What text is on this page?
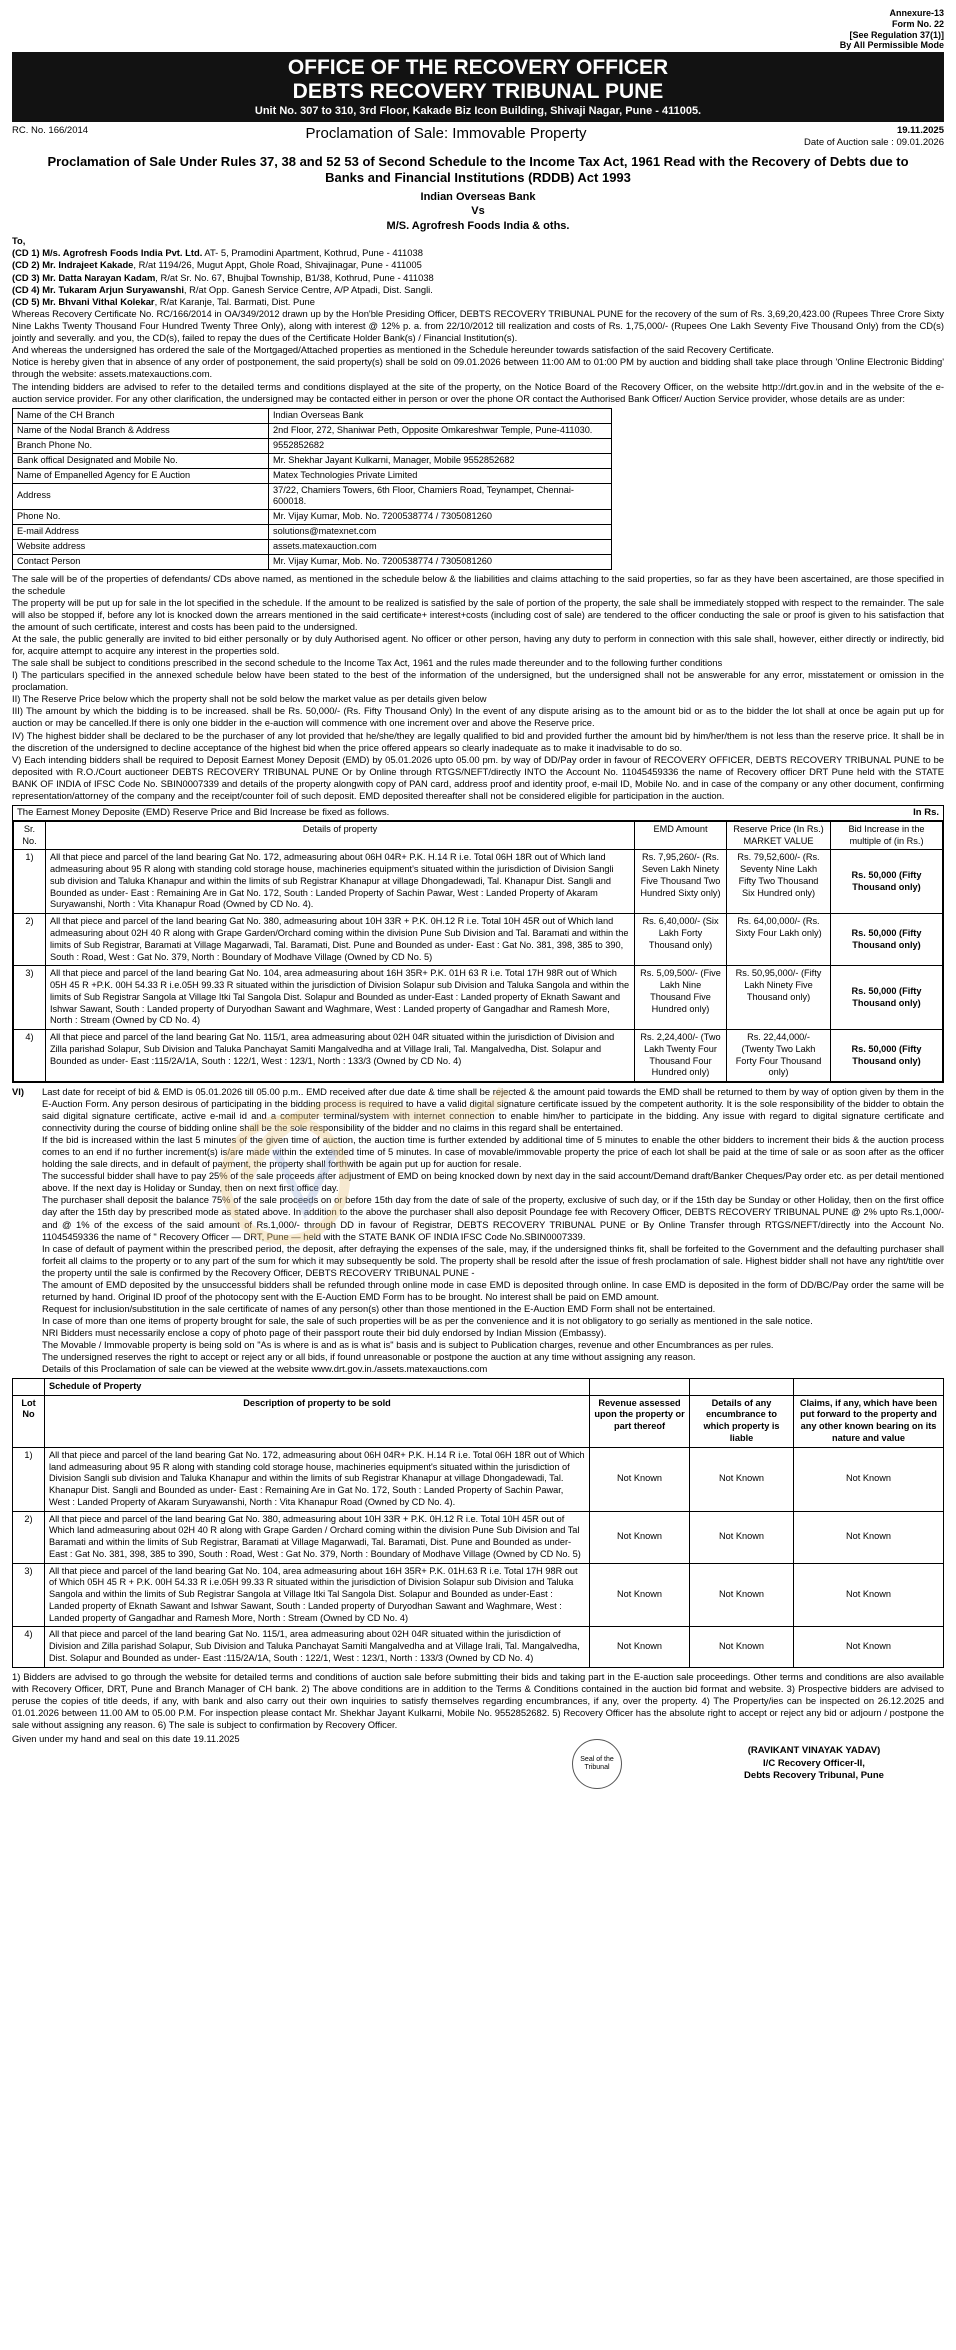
Annexure-13
Form No. 22
[See Regulation 37(1)]
By All Permissible Mode
OFFICE OF THE RECOVERY OFFICER
DEBTS RECOVERY TRIBUNAL PUNE
Unit No. 307 to 310, 3rd Floor, Kakade Biz Icon Building, Shivaji Nagar, Pune - 411005.
RC. No. 166/2014	Proclamation of Sale: Immovable Property	19.11.2025
Date of Auction sale : 09.01.2026
Proclamation of Sale Under Rules 37, 38 and 52 53 of Second Schedule to the Income Tax Act, 1961 Read with the Recovery of Debts due to Banks and Financial Institutions (RDDB) Act 1993
Indian Overseas Bank
Vs
M/S. Agrofresh Foods India & oths.
To,
(CD 1) M/s. Agrofresh Foods India Pvt. Ltd. AT- 5, Pramodini Apartment, Kothrud, Pune - 411038
(CD 2) Mr. Indrajeet Kakade, R/at 1194/26, Mugut Appt, Ghole Road, Shivajinagar, Pune - 411005
(CD 3) Mr. Datta Narayan Kadam, R/at Sr. No. 67, Bhujbal Township, B1/38, Kothrud, Pune - 411038
(CD 4) Mr. Tukaram Arjun Suryawanshi, R/at Opp. Ganesh Service Centre, A/P Atpadi, Dist. Sangli.
(CD 5) Mr. Bhvani Vithal Kolekar, R/at Karanje, Tal. Barmati, Dist. Pune

Whereas Recovery Certificate No. RC/166/2014 in OA/349/2012 drawn up by the Hon'ble Presiding Officer, DEBTS RECOVERY TRIBUNAL PUNE for the recovery of the sum of Rs. 3,69,20,423.00 (Rupees Three Crore Sixty Nine Lakhs Twenty Thousand Four Hundred Twenty Three Only), along with interest @ 12% p. a. from 22/10/2012 till realization and costs of Rs. 1,75,000/- (Rupees One Lakh Seventy Five Thousand Only) from the CD(s) jointly and severally. and you, the CD(s), failed to repay the dues of the Certificate Holder Bank(s) / Financial Institution(s).

And whereas the undersigned has ordered the sale of the Mortgaged/Attached properties as mentioned in the Schedule hereunder towards satisfaction of the said Recovery Certificate.

Notice is hereby given that in absence of any order of postponement, the said property(s) shall be sold on 09.01.2026 between 11:00 AM to 01:00 PM by auction and bidding shall take place through 'Online Electronic Bidding' through the website: assets.matexauctions.com.

The intending bidders are advised to refer to the detailed terms and conditions displayed at the site of the property, on the Notice Board of the Recovery Officer, on the website http://drt.gov.in and in the website of the e-auction service provider. For any other clarification, the undersigned may be contacted either in person or over the phone OR contact the Authorised Bank Officer/ Auction Service provider, whose details are as under:

Name of the CH Branch	Indian Overseas Bank
Name of the Nodal Branch & Address	2nd Floor, 272, Shaniwar Peth, Opposite Omkareshwar Temple, Pune-411030.
Branch Phone No.	9552852682
Bank offical Designated and Mobile No.	Mr. Shekhar Jayant Kulkarni, Manager, Mobile 9552852682
Name of Empanelled Agency for E Auction	Matex Technologies Private Limited
Address	37/22, Chamiers Towers, 6th Floor, Chamiers Road, Teynampet, Chennai-600018.
Phone No.	Mr. Vijay Kumar, Mob. No. 7200538774 / 7305081260
E-mail Address	solutions@matexnet.com
Website address	assets.matexauction.com
Contact Person	Mr. Vijay Kumar, Mob. No. 7200538774 / 7305081260

The sale will be of the properties of defendants/ CDs above named, as mentioned in the schedule below & the liabilities and claims attaching to the said properties, so far as they have been ascertained, are those specified in the schedule

The property will be put up for sale in the lot specified in the schedule. If the amount to be realized is satisfied by the sale of portion of the property, the sale shall be immediately stopped with respect to the remainder. The sale will also be stopped if, before any lot is knocked down the arrears mentioned in the said certificate+ interest+costs (including cost of sale) are tendered to the officer conducting the sale or proof is given to his satisfaction that the amount of such certificate, interest and costs has been paid to the undersigned.

At the sale, the public generally are invited to bid either personally or by duly Authorised agent. No officer or other person, having any duty to perform in connection with this sale shall, however, either directly or indirectly, bid for, acquire attempt to acquire any interest in the properties sold.

The sale shall be subject to conditions prescribed in the second schedule to the Income Tax Act, 1961 and the rules made thereunder and to the following further conditions

I) The particulars specified in the annexed schedule below have been stated to the best of the information of the undersigned, but the undersigned shall not be answerable for any error, misstatement or omission in the proclamation.

II) The Reserve Price below which the property shall not be sold below the market value as per details given below

III) The amount by which the bidding is to be increased. shall be Rs. 50,000/- (Rs. Fifty Thousand Only) In the event of any dispute arising as to the amount bid or as to the bidder the lot shall at once be again put up for auction or may be cancelled.If there is only one bidder in the e-auction will commence with one increment over and above the Reserve price.

IV) The highest bidder shall be declared to be the purchaser of any lot provided that he/she/they are legally qualified to bid and provided further the amount bid by him/her/them is not less than the reserve price. It shall be in the discretion of the undersigned to decline acceptance of the highest bid when the price offered appears so clearly inadequate as to make it inadvisable to do so.

V) Each intending bidders shall be required to Deposit Earnest Money Deposit (EMD) by 05.01.2026 upto 05.00 pm. by way of DD/Pay order in favour of RECOVERY OFFICER, DEBTS RECOVERY TRIBUNAL PUNE to be deposited with R.O./Court auctioneer DEBTS RECOVERY TRIBUNAL PUNE Or by Online through RTGS/NEFT/directly INTO the Account No. 11045459336 the name of Recovery officer DRT Pune held with the STATE BANK OF INDIA of IFSC Code No. SBIN0007339 and details of the property alongwith copy of PAN card, address proof and identity proof, e-mail ID, Mobile No. and in case of the company or any other document, confirming representation/attorney of the company and the receipt/counter foil of such deposit. EMD deposited thereafter shall not be considered eligible for participation in the auction.

The Earnest Money Deposite (EMD) Reserve Price and Bid Increase be fixed as follows.	In Rs.
Sr. No.	Details of property	EMD Amount	Reserve Price (In Rs.) MARKET VALUE	Bid Increase in the multiple of (in Rs.)
1)	All that piece and parcel of the land bearing Gat No. 172, admeasuring about 06H 04R+ P.K. H.14 R i.e. Total 06H 18R out of Which land admeasuring about 95 R along with standing cold storage house, machineries equipment's situated within the jurisdiction of Division Sangli sub division and Taluka Khanapur and within the limits of sub Registrar Khanapur at village Dhongadewadi, Tal. Khanapur Dist. Sangli and Bounded as under- East : Remaining Are in Gat No. 172, South : Landed Property of Sachin Pawar, West : Landed Property of Akaram Suryawanshi, North : Vita Khanapur Road (Owned by CD No. 4).	Rs. 7,95,260/- (Rs. Seven Lakh Ninety Five Thousand Two Hundred Sixty only)	Rs. 79,52,600/- (Rs. Seventy Nine Lakh Fifty Two Thousand Six Hundred only)	Rs. 50,000 (Fifty Thousand only)
2)	All that piece and parcel of the land bearing Gat No. 380, admeasuring about 10H 33R + P.K. 0H.12 R i.e. Total 10H 45R out of Which land admeasuring about 02H 40 R along with Grape Garden/Orchard coming within the division Pune Sub Division and Tal. Baramati and within the limits of Sub Registrar, Baramati at Village Magarwadi, Tal. Baramati, Dist. Pune and Bounded as under- East : Gat No. 381, 398, 385 to 390, South : Road, West : Gat No. 379, North : Boundary of Modhave Village (Owned by CD No. 5)	Rs. 6,40,000/- (Six Lakh Forty Thousand only)	Rs. 64,00,000/- (Rs. Sixty Four Lakh only)	Rs. 50,000 (Fifty Thousand only)
3)	All that piece and parcel of the land bearing Gat No. 104, area admeasuring about 16H 35R+ P.K. 01H 63 R i.e. Total 17H 98R out of Which 05H 45 R +P.K. 00H 54.33 R i.e.05H 99.33 R situated within the jurisdiction of Division Solapur sub Division and Taluka Sangola and within the limits of Sub Registrar Sangola at Village Itki Tal Sangola Dist. Solapur and Bounded as under-East : Landed property of Eknath Sawant and Ishwar Sawant, South : Landed property of Duryodhan Sawant and Waghmare, West : Landed property of Gangadhar and Ramesh More, North : Stream (Owned by CD No. 4)	Rs. 5,09,500/- (Five Lakh Nine Thousand Five Hundred only)	Rs. 50,95,000/- (Fifty Lakh Ninety Five Thousand only)	Rs. 50,000 (Fifty Thousand only)
4)	All that piece and parcel of the land bearing Gat No. 115/1, area admeasuring about 02H 04R situated within the jurisdiction of Division and Zilla parishad Solapur, Sub Division and Taluka Panchayat Samiti Mangalvedha and at Village Irali, Tal. Mangalvedha, Dist. Solapur and Bounded as under- East :115/2A/1A, South : 122/1, West : 123/1, North : 133/3 (Owned by CD No. 4)	Rs. 2,24,400/- (Two Lakh Twenty Four Thousand Four Hundred only)	Rs. 22,44,000/- (Twenty Two Lakh Forty Four Thousand only)	Rs. 50,000 (Fifty Thousand only)
VI)	Last date for receipt of bid & EMD is 05.01.2026 till 05.00 p.m.. EMD received after due date & time shall be rejected & the amount paid towards the EMD shall be returned to them by way of option given by them in the E-Auction Form. Any person desirous of participating in the bidding process is required to have a valid digital signature certificate issued by the competent authority. It is the sole responsibility of the bidder to obtain the said digital signature certificate, active e-mail id and a computer terminal/system with internet connection to enable him/her to participate in the bidding. Any issue with regard to digital signature certificate and connectivity during the course of bidding online shall be the sole responsibility of the bidder and no claims in this regard shall be entertained.

If the bid is increased within the last 5 minutes of the given time of auction, the auction time is further extended by additional time of 5 minutes to enable the other bidders to increment their bids & the auction process comes to an end if no further increment(s) is/are made within the extended time of 5 minutes. In case of movable/immovable property the price of each lot shall be paid at the time of sale or as soon after as the officer holding the sale directs, and in default of payment, the property shall forthwith be again put up for auction for resale.

The successful bidder shall have to pay 25% of the sale proceeds after adjustment of EMD on being knocked down by next day in the said account/Demand draft/Banker Cheques/Pay order etc. as per detail mentioned above. If the next day is Holiday or Sunday, then on next first office day.

The purchaser shall deposit the balance 75% of the sale proceeds on or before 15th day from the date of sale of the property, exclusive of such day, or if the 15th day be Sunday or other Holiday, then on the first office day after the 15th day by prescribed mode as stated above. In addition to the above the purchaser shall also deposit Poundage fee with Recovery Officer, DEBTS RECOVERY TRIBUNAL PUNE @ 2% upto Rs.1,000/- and @ 1% of the excess of the said amount of Rs.1,000/- through DD in favour of Registrar, DEBTS RECOVERY TRIBUNAL PUNE or By Online Transfer through RTGS/NEFT/directly into the Account No. 11045459336 the name of " Recovery Officer — DRT, Pune — held with the STATE BANK OF INDIA IFSC Code No.SBIN0007339.

In case of default of payment within the prescribed period, the deposit, after defraying the expenses of the sale, may, if the undersigned thinks fit, shall be forfeited to the Government and the defaulting purchaser shall forfeit all claims to the property or to any part of the sum for which it may subsequently be sold. The property shall be resold after the issue of fresh proclamation of sale. Highest bidder shall not have any right/title over the property until the sale is confirmed by the Recovery Officer, DEBTS RECOVERY TRIBUNAL PUNE -

The amount of EMD deposited by the unsuccessful bidders shall be refunded through online mode in case EMD is deposited through online. In case EMD is deposited in the form of DD/BC/Pay order the same will be returned by hand. Original ID proof of the photocopy sent with the E-Auction EMD Form has to be brought. No interest shall be paid on EMD amount.

Request for inclusion/substitution in the sale certificate of names of any person(s) other than those mentioned in the E-Auction EMD Form shall not be entertained.

In case of more than one items of property brought for sale, the sale of such properties will be as per the convenience and it is not obligatory to go serially as mentioned in the sale notice.

NRI Bidders must necessarily enclose a copy of photo page of their passport route their bid duly endorsed by Indian Mission (Embassy).

The Movable / Immovable property is being sold on "As is where is and as is what is" basis and is subject to Publication charges, revenue and other Encumbrances as per rules.

The undersigned reserves the right to accept or reject any or all bids, if found unreasonable or postpone the auction at any time without assigning any reason.

Details of this Proclamation of sale can be viewed at the website www.drt.gov.in./assets.matexauctions.com

	Schedule of Property			
Lot No	Description of property to be sold	Revenue assessed upon the property or part thereof	Details of any encumbrance to which property is liable	Claims, if any, which have been put forward to the property and any other known bearing on its nature and value
1)	All that piece and parcel of the land bearing Gat No. 172, admeasuring about 06H 04R+ P.K. H.14 R i.e. Total 06H 18R out of Which land admeasuring about 95 R along with standing cold storage house, machineries equipment's situated within the jurisdiction of Division Sangli sub division and Taluka Khanapur and within the limits of sub Registrar Khanapur at village Dhongadewadi, Tal. Khanapur Dist. Sangli and Bounded as under- East : Remaining Are in Gat No. 172, South : Landed Property of Sachin Pawar, West : Landed Property of Akaram Suryawanshi, North : Vita Khanapur Road (Owned by CD No. 4).	Not Known	Not Known	Not Known
2)	All that piece and parcel of the land bearing Gat No. 380, admeasuring about 10H 33R + P.K. 0H.12 R i.e. Total 10H 45R out of Which land admeasuring about 02H 40 R along with Grape Garden / Orchard coming within the division Pune Sub Division and Tal Baramati and within the limits of Sub Registrar, Baramati at Village Magarwadi, Tal. Baramati, Dist. Pune and Bounded as under- East : Gat No. 381, 398, 385 to 390, South : Road, West : Gat No. 379, North : Boundary of Modhave Village (Owned by CD No. 5)	Not Known	Not Known	Not Known
3)	All that piece and parcel of the land bearing Gat No. 104, area admeasuring about 16H 35R+ P.K. 01H.63 R i.e. Total 17H 98R out of Which 05H 45 R + P.K. 00H 54.33 R i.e.05H 99.33 R situated within the jurisdiction of Division Solapur sub Division and Taluka Sangola and within the limits of Sub Registrar Sangola at Village Itki Tal Sangola Dist. Solapur and Bounded as under-East : Landed property of Eknath Sawant and Ishwar Sawant, South : Landed property of Duryodhan Sawant and Waghmare, West : Landed property of Gangadhar and Ramesh More, North : Stream (Owned by CD No. 4)	Not Known	Not Known	Not Known
4)	All that piece and parcel of the land bearing Gat No. 115/1, area admeasuring about 02H 04R situated within the jurisdiction of Division and Zilla parishad Solapur, Sub Division and Taluka Panchayat Samiti Mangalvedha and at Village Irali, Tal. Mangalvedha, Dist. Solapur and Bounded as under- East :115/2A/1A, South : 122/1, West : 123/1, North : 133/3 (Owned by CD No. 4)	Not Known	Not Known	Not Known

1) Bidders are advised to go through the website for detailed terms and conditions of auction sale before submitting their bids and taking part in the E-auction sale proceedings. Other terms and conditions are also available with Recovery Officer, DRT, Pune and Branch Manager of CH bank. 2) The above conditions are in addition to the Terms & Conditions contained in the auction bid format and website. 3) Prospective bidders are advised to peruse the copies of title deeds, if any, with bank and also carry out their own inquiries to satisfy themselves regarding encumbrances, if any, over the property. 4) The Property/ies can be inspected on 26.12.2025 and 01.01.2026 between 11.00 AM to 05.00 P.M. For inspection please contact Mr. Shekhar Jayant Kulkarni, Mobile No. 9552852682. 5) Recovery Officer has the absolute right to accept or reject any bid or adjourn / postpone the sale without assigning any reason. 6) The sale is subject to confirmation by Recovery Officer.

Given under my hand and seal on this date 19.11.2025
Seal of the Tribunal
(RAVIKANT VINAYAK YADAV)
I/C Recovery Officer-II,
Debts Recovery Tribunal, Pune
